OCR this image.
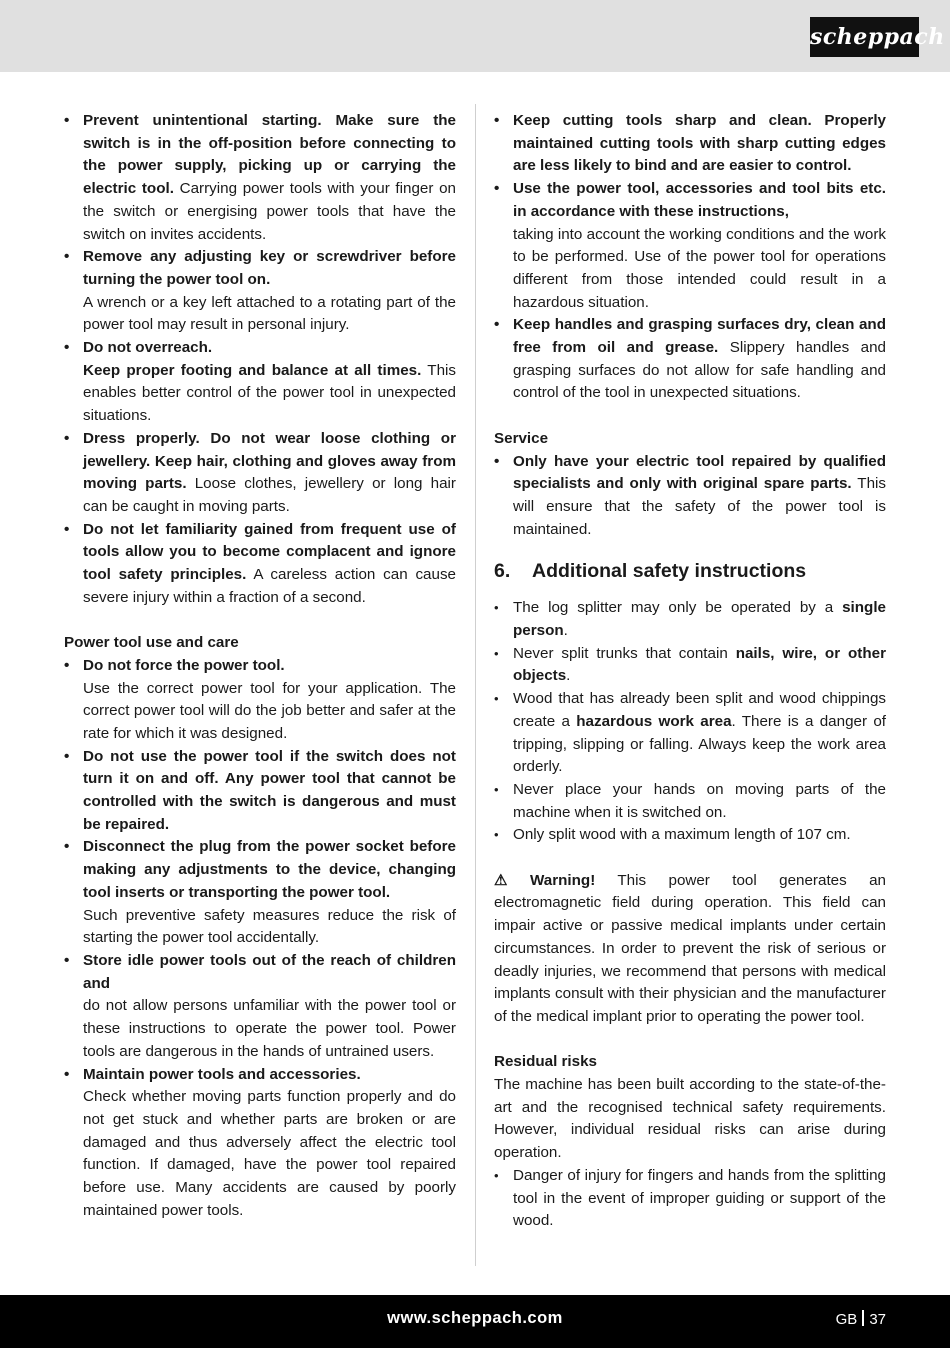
scheppach
• Prevent unintentional starting. Make sure the switch is in the off-position before connecting to the power supply, picking up or carrying the electric tool. Carrying power tools with your finger on the switch or energising power tools that have the switch on invites accidents.
• Remove any adjusting key or screwdriver before turning the power tool on.
A wrench or a key left attached to a rotating part of the power tool may result in personal injury.
• Do not overreach.
Keep proper footing and balance at all times. This enables better control of the power tool in unexpected situations.
• Dress properly. Do not wear loose clothing or jewellery. Keep hair, clothing and gloves away from moving parts. Loose clothes, jewellery or long hair can be caught in moving parts.
• Do not let familiarity gained from frequent use of tools allow you to become complacent and ignore tool safety principles. A careless action can cause severe injury within a fraction of a second.
Power tool use and care
• Do not force the power tool.
Use the correct power tool for your application. The correct power tool will do the job better and safer at the rate for which it was designed.
• Do not use the power tool if the switch does not turn it on and off. Any power tool that cannot be controlled with the switch is dangerous and must be repaired.
• Disconnect the plug from the power socket before making any adjustments to the device, changing tool inserts or transporting the power tool.
Such preventive safety measures reduce the risk of starting the power tool accidentally.
• Store idle power tools out of the reach of children and
do not allow persons unfamiliar with the power tool or these instructions to operate the power tool. Power tools are dangerous in the hands of untrained users.
• Maintain power tools and accessories.
Check whether moving parts function properly and do not get stuck and whether parts are broken or are damaged and thus adversely affect the electric tool function. If damaged, have the power tool repaired before use. Many accidents are caused by poorly maintained power tools.
• Keep cutting tools sharp and clean. Properly maintained cutting tools with sharp cutting edges are less likely to bind and are easier to control.
• Use the power tool, accessories and tool bits etc. in accordance with these instructions,
taking into account the working conditions and the work to be performed. Use of the power tool for operations different from those intended could result in a hazardous situation.
• Keep handles and grasping surfaces dry, clean and free from oil and grease. Slippery handles and grasping surfaces do not allow for safe handling and control of the tool in unexpected situations.
Service
• Only have your electric tool repaired by qualified specialists and only with original spare parts. This will ensure that the safety of the power tool is maintained.
6. Additional safety instructions
• The log splitter may only be operated by a single person.
• Never split trunks that contain nails, wire, or other objects.
• Wood that has already been split and wood chippings create a hazardous work area. There is a danger of tripping, slipping or falling. Always keep the work area orderly.
• Never place your hands on moving parts of the machine when it is switched on.
• Only split wood with a maximum length of 107 cm.

⚠ Warning! This power tool generates an electromagnetic field during operation. This field can impair active or passive medical implants under certain circumstances. In order to prevent the risk of serious or deadly injuries, we recommend that persons with medical implants consult with their physician and the manufacturer of the medical implant prior to operating the power tool.

Residual risks

The machine has been built according to the state-of-the-art and the recognised technical safety requirements. However, individual residual risks can arise during operation.

• Danger of injury for fingers and hands from the splitting tool in the event of improper guiding or support of the wood.
www.scheppach.com	GB 37
